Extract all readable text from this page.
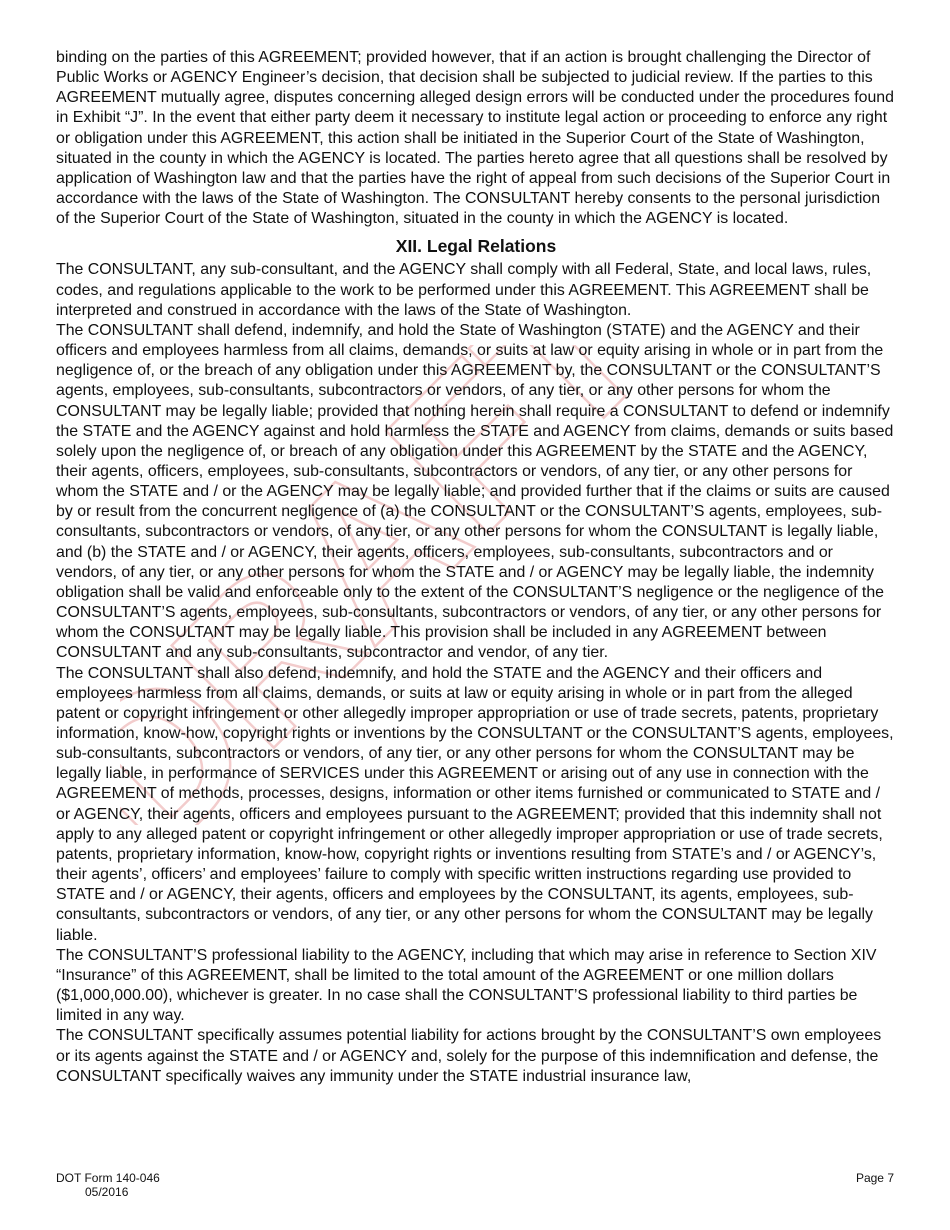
DRAFT

binding on the parties of this AGREEMENT; provided however, that if an action is brought challenging the Director of Public Works or AGENCY Engineer’s decision, that decision shall be subjected to judicial review. If the parties to this AGREEMENT mutually agree, disputes concerning alleged design errors will be conducted under the procedures found in Exhibit “J”. In the event that either party deem it necessary to institute legal action or proceeding to enforce any right or obligation under this AGREEMENT, this action shall be initiated in the Superior Court of the State of Washington, situated in the county in which the AGENCY is located. The parties hereto agree that all questions shall be resolved by application of Washington law and that the parties have the right of appeal from such decisions of the Superior Court in accordance with the laws of the State of Washington. The CONSULTANT hereby consents to the personal jurisdiction of the Superior Court of the State of Washington, situated in the county in which the AGENCY is located.

XII. Legal Relations

The CONSULTANT, any sub-consultant, and the AGENCY shall comply with all Federal, State, and local laws, rules, codes, and regulations applicable to the work to be performed under this AGREEMENT. This AGREEMENT shall be interpreted and construed in accordance with the laws of the State of Washington.

The CONSULTANT shall defend, indemnify, and hold the State of Washington (STATE) and the AGENCY and their officers and employees harmless from all claims, demands, or suits at law or equity arising in whole or in part from the negligence of, or the breach of any obligation under this AGREEMENT by, the CONSULTANT or the CONSULTANT’S agents, employees, sub-consultants, subcontractors or vendors, of any tier, or any other persons for whom the CONSULTANT may be legally liable; provided that nothing herein shall require a CONSULTANT to defend or indemnify the STATE and the AGENCY against and hold harmless the STATE and AGENCY from claims, demands or suits based solely upon the negligence of, or breach of any obligation under this AGREEMENT by the STATE and the AGENCY, their agents, officers, employees, sub-consultants, subcontractors or vendors, of any tier, or any other persons for whom the STATE and / or the AGENCY may be legally liable; and provided further that if the claims or suits are caused by or result from the concurrent negligence of (a) the CONSULTANT or the CONSULTANT’S agents, employees, sub-consultants, subcontractors or vendors, of any tier, or any other persons for whom the CONSULTANT is legally liable, and (b) the STATE and / or AGENCY, their agents, officers, employees, sub-consultants, subcontractors and or vendors, of any tier, or any other persons for whom the STATE and / or AGENCY may be legally liable, the indemnity obligation shall be valid and enforceable only to the extent of the CONSULTANT’S negligence or the negligence of the CONSULTANT’S agents, employees, sub-consultants, subcontractors or vendors, of any tier, or any other persons for whom the CONSULTANT may be legally liable. This provision shall be included in any AGREEMENT between CONSULTANT and any sub-consultants, subcontractor and vendor, of any tier.

The CONSULTANT shall also defend, indemnify, and hold the STATE and the AGENCY and their officers and employees harmless from all claims, demands, or suits at law or equity arising in whole or in part from the alleged patent or copyright infringement or other allegedly improper appropriation or use of trade secrets, patents, proprietary information, know-how, copyright rights or inventions by the CONSULTANT or the CONSULTANT’S agents, employees, sub-consultants, subcontractors or vendors, of any tier, or any other persons for whom the CONSULTANT may be legally liable, in performance of SERVICES under this AGREEMENT or arising out of any use in connection with the AGREEMENT of methods, processes, designs, information or other items furnished or communicated to STATE and / or AGENCY, their agents, officers and employees pursuant to the AGREEMENT; provided that this indemnity shall not apply to any alleged patent or copyright infringement or other allegedly improper appropriation or use of trade secrets, patents, proprietary information, know-how, copyright rights or inventions resulting from STATE’s and / or AGENCY’s, their agents’, officers’ and employees’ failure to comply with specific written instructions regarding use provided to STATE and / or AGENCY, their agents, officers and employees by the CONSULTANT, its agents, employees, sub-consultants, subcontractors or vendors, of any tier, or any other persons for whom the CONSULTANT may be legally liable.

The CONSULTANT’S professional liability to the AGENCY, including that which may arise in reference to Section XIV “Insurance” of this AGREEMENT, shall be limited to the total amount of the AGREEMENT or one million dollars ($1,000,000.00), whichever is greater. In no case shall the CONSULTANT’S professional liability to third parties be limited in any way.

The CONSULTANT specifically assumes potential liability for actions brought by the CONSULTANT’S own employees or its agents against the STATE and / or AGENCY and, solely for the purpose of this indemnification and defense, the CONSULTANT specifically waives any immunity under the STATE industrial insurance law,

DOT Form 140-046
05/2016
Page 7
